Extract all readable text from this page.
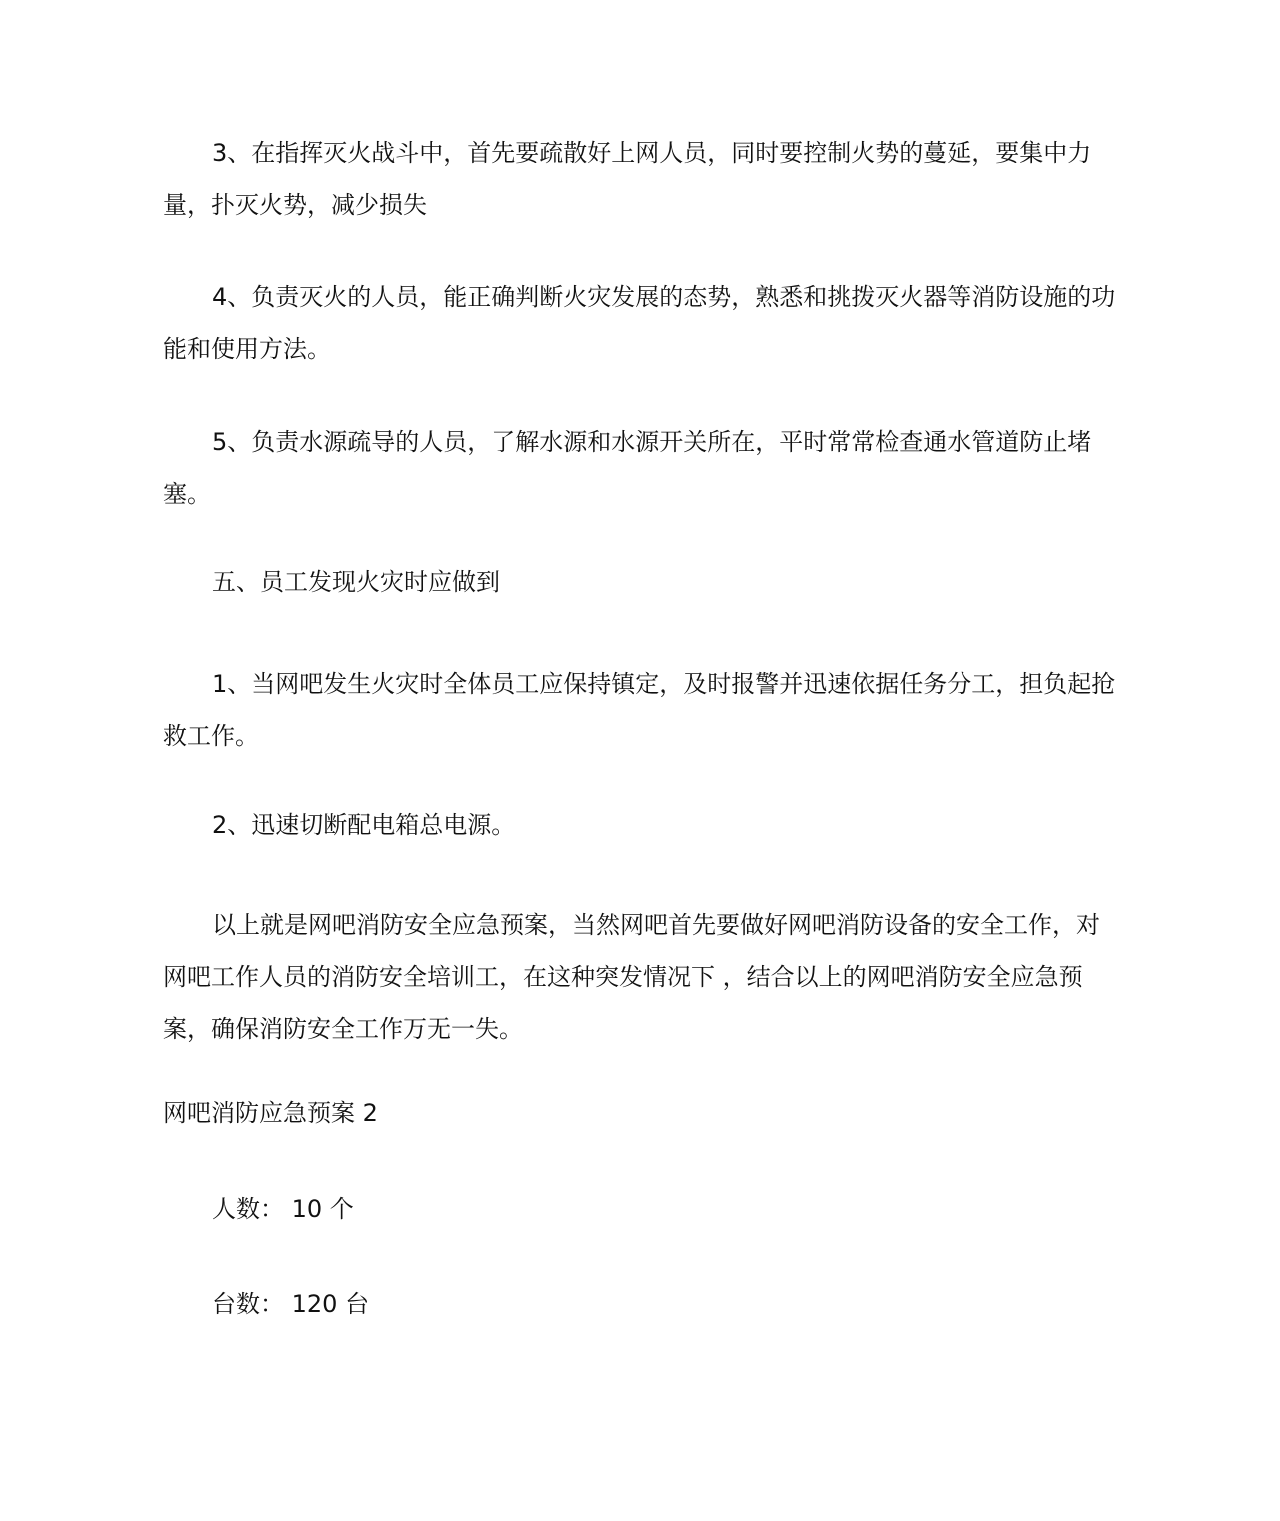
3、在指挥灭火战斗中，首先要疏散好上网人员，同时要控制火势的蔓延，要集中力量，扑灭火势，减少损失

4、负责灭火的人员，能正确判断火灾发展的态势，熟悉和挑拨灭火器等消防设施的功能和使用方法。

5、负责水源疏导的人员，了解水源和水源开关所在，平时常常检查通水管道防止堵塞。

五、员工发现火灾时应做到

1、当网吧发生火灾时全体员工应保持镇定，及时报警并迅速依据任务分工，担负起抢救工作。

2、迅速切断配电箱总电源。

以上就是网吧消防安全应急预案，当然网吧首先要做好网吧消防设备的安全工作，对网吧工作人员的消防安全培训工，在这种突发情况下 ，结合以上的网吧消防安全应急预案，确保消防安全工作万无一失。

网吧消防应急预案 2

人数： 10 个

台数： 120 台
